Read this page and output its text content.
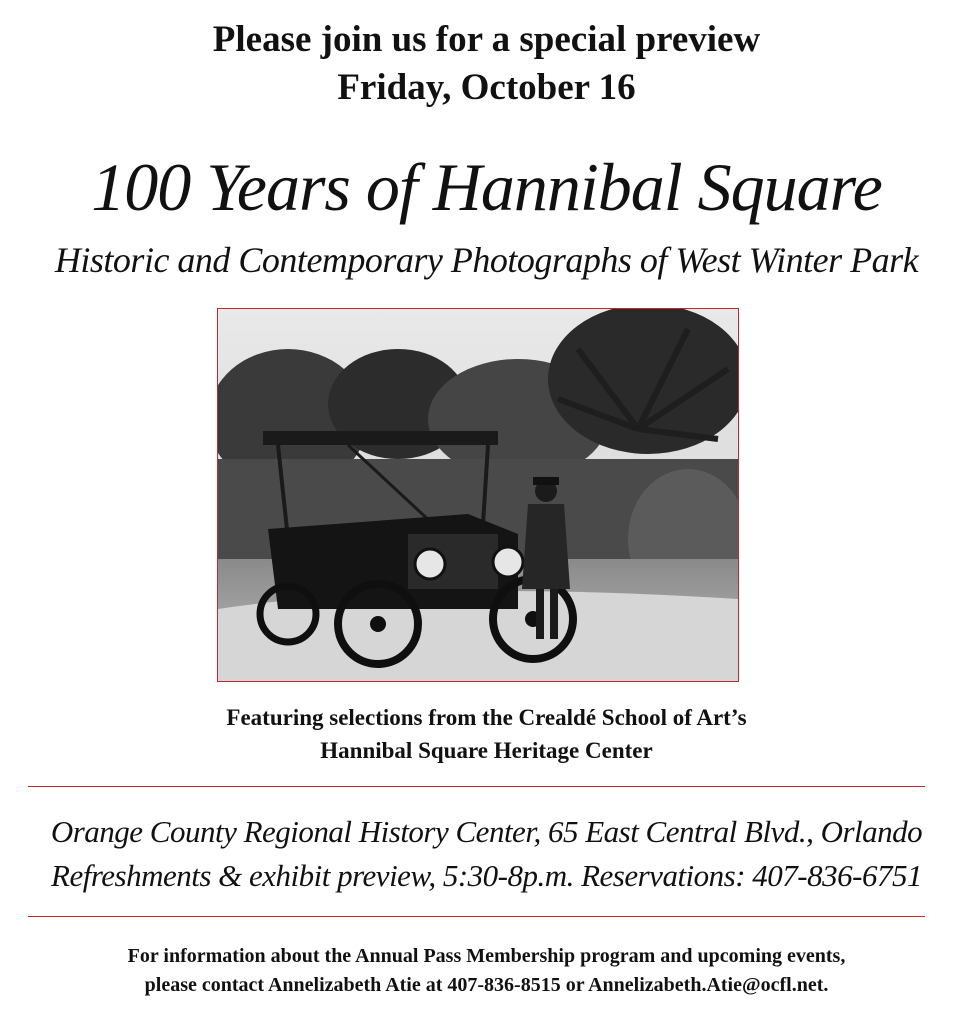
Please join us for a special preview
Friday, October 16
100 Years of Hannibal Square
Historic and Contemporary Photographs of West Winter Park
Featuring selections from the Crealdé School of Art’s
Hannibal Square Heritage Center
Orange County Regional History Center, 65 East Central Blvd., Orlando
Refreshments & exhibit preview, 5:30-8p.m. Reservations: 407-836-6751
For information about the Annual Pass Membership program and upcoming events,
please contact Annelizabeth Atie at 407-836-8515 or Annelizabeth.Atie@ocfl.net.
